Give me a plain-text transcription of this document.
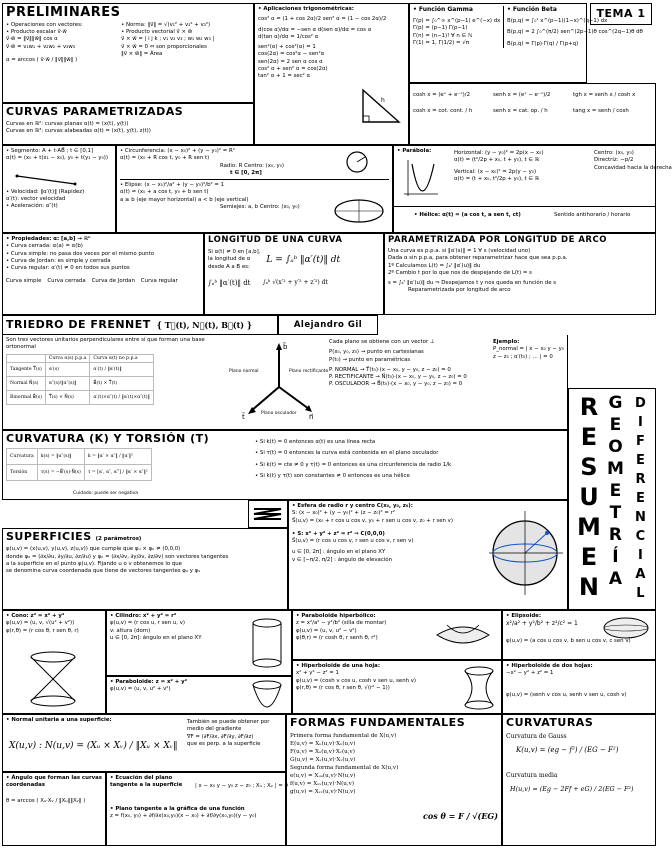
PRELIMINARES
• Operaciones con vectores:
• Producto escalar v⃗·w⃗
v⃗·w⃗ = ‖v⃗‖‖w⃗‖ cos α
v⃗·w⃗ = v₁w₁ + v₂w₂ + v₃w₃
α = arccos ( v⃗·w⃗ / ‖v⃗‖‖w⃗‖ )
• Norma: ‖v⃗‖ = √(v₁² + v₂² + v₃²)
• Producto vectorial v⃗ × w⃗
v⃗ × w⃗ = | i j k ; v₁ v₂ v₃ ; w₁ w₂ w₃ |
v⃗ × w⃗ = 0 ⇔ son proporcionales
‖v⃗ × w⃗‖ = Área
CURVAS PARAMETRIZADAS
Curvas en ℝ²: curvas planas α(t) = (x(t), y(t))
Curvas en ℝ³: curvas alabeadas α(t) = (x(t), y(t), z(t))
• Aplicaciones trigonométricas:
cos² α = (1 + cos 2α)/2 sen² α = (1 − cos 2α)/2
d(cos α)/dα = −sen α d(sen α)/dα = cos α
d(tan α)/dα = 1/cos² α
sen²(α) + cos²(α) = 1
cos(2α) = cos²α − sen²α
sen(2α) = 2 sen α cos α
cos² α + sen² α = cos(2α)
tan² α + 1 = sec² α
h
• Función Gamma
Γ(p) = ∫₀^∞ x^(p−1) e^(−x) dx
Γ(p) = (p−1) Γ(p−1)
Γ(n) = (n−1)! ∀ n ∈ ℕ
Γ(1) = 1, Γ(1/2) = √π
• Función Beta
B(p,q) = ∫₀¹ x^(p−1)(1−x)^(q−1) dx
B(p,q) = 2 ∫₀^(π/2) sen^(2p−1)θ cos^(2q−1)θ dθ
B(p,q) = Γ(p)·Γ(q) / Γ(p+q)
TEMA 1
cosh x = (eˣ + e⁻ˣ)/2	senh x = (eˣ − e⁻ˣ)/2	tgh x = senh x / cosh x
cosh x = cot. cont. / h	senh x = cat. op. / h	tang x = senh / cosh
• Segmento: A + t·AB⃗ ; t ∈ [0,1]
α(t) = (x₀ + t(x₁ − x₀), y₀ + t(y₁ − y₀))
• Velocidad: ‖α′(t)‖ (Rapidez)
α′(t): vector velocidad
• Aceleración: α″(t)
• Circunferencia: (x − x₀)² + (y − y₀)² = R²
α(t) = (x₀ + R cos t, y₀ + R sen t)
Radio: R Centro: (x₀, y₀)
t ∈ [0, 2π]
• Elipse: (x − x₀)²/a² + (y − y₀)²/b² = 1
α(t) = (x₀ + a cos t, y₀ + b sen t)
a ≥ b (eje mayor horizontal) a < b (eje vertical)
Semiejes: a, b Centro: (x₀, y₀)
• Parábola:	Horizontal: (y − y₀)² = 2p(x − x₀)
α(t) = (t²/2p + x₀, t + y₀), t ∈ ℝ
Vertical: (x − x₀)² = 2p(y − y₀)
α(t) = (t + x₀, t²/2p + y₀), t ∈ ℝ
Centro: (x₀, y₀)
Directriz: −p/2
Concavidad hacia la derecha
• Hélice: α(t) = (a cos t, a sen t, ct)	Sentido antihorario / horario
• Propiedades: α: [a,b] → ℝⁿ
• Curva cerrada: α(a) = α(b)
• Curva simple: no pasa dos veces por el mismo punto
• Curva de Jordan: es simple y cerrada
• Curva regular: α′(t) ≠ 0 en todos sus puntos
Curva simple Curva cerrada Curva de Jordan Curva regular
LONGITUD DE UNA CURVA
Si α(t) ≠ 0 en [a,b],
la longitud de α
desde A a B es:
L = ∫ₐᵇ ‖α′(t)‖ dt
∫ₐᵇ ‖α′(t)‖ dt ∫ₐᵇ √(x′² + y′² + z′²) dt
PARAMETRIZADA POR LONGITUD DE ARCO
Una curva es p.p.a. si ‖α′(s)‖ = 1 ∀ s (velocidad uno)
Dada α sin p.p.a, para obtener reparametrizar hace que sea p.p.a.
1º Calculamos L(t) = ∫ₐᵗ ‖α′(u)‖ du
2º Cambio t por lo que nos de despejando de L(t) = s
s = ∫ₐᵗ ‖α′(u)‖ du ⇒ Despejamos t y nos queda en función de s
Reparametrizada por longitud de arco
TRIEDRO DE FRENNET { T⃗(t), N⃗(t), B⃗(t) }	Alejandro Gil
Son tres vectores unitarios perpendiculares entre sí que forman una base ortonormal
	Curva α(s) p.p.a	Curva α(t) no p.p.a
Tangente T⃗(s)	α′(s)	α′(t) / ‖α′(t)‖
Normal N⃗(s)	α″(s)/‖α″(s)‖	B⃗(t) × T⃗(t)
Binormal B⃗(s)	T⃗(s) × N⃗(s)	α′(t)×α″(t) / ‖α′(t)×α″(t)‖
b⃗
t⃗	n⃗
Plano normal	Plano rectificante
Plano osculador
Cada plano se obtiene con un vector ⊥
P(x₀, y₀, z₀) → punto en cartesianas
P(t₀) → punto en paramétricas
P. NORMAL → T⃗(t₀)·(x − x₀, y − y₀, z − z₀) = 0
P. RECTIFICANTE → N⃗(t₀)·(x − x₀, y − y₀, z − z₀) = 0
P. OSCULADOR → B⃗(t₀)·(x − x₀, y − y₀, z − z₀) = 0
Ejemplo:
P_normal = | x − x₀ y − y₀ z − z₀ ; α′(t₀) ; … | = 0
R
E
S
U
M
E
N
G
E
O
M
E
T
R
Í
A
D
I
F
E
R
E
N
C
I
A
L
CURVATURA (K) Y TORSIÓN (T)
Curvatura	k(s) = ‖α″(s)‖	k = ‖α′ × α″‖ / ‖α′‖³
Torsión	τ(s) = −B⃗′(s)·N⃗(s)	τ = [α′, α″, α‴] / ‖α′ × α″‖²
Cuidado: puede ser negativa
• Si k(t) = 0 entonces α(t) es una línea recta
• Si τ(t) = 0 entonces la curva está contenida en el plano osculador
• Si k(t) = cte ≠ 0 y τ(t) = 0 entonces es una circunferencia de radio 1/k
• Si k(t) y τ(t) son constantes ≠ 0 entonces es una hélice
SUPERFICIES (2 parámetros)
φ(u,v) = (x(u,v), y(u,v), z(u,v)) que cumple que φᵤ × φᵥ ≠ (0,0,0)
donde φᵤ = (∂x/∂u, ∂y/∂u, ∂z/∂u) y φᵥ = (∂x/∂v, ∂y/∂v, ∂z/∂v) son vectores tangentes
a la superficie en el punto φ(u,v). Fijando u o v obtenemos lo que
se denomina curva coordenada que tiene de vectores tangentes φᵤ y φᵥ
• Esfera de radio r y centro C(x₀, y₀, z₀):
S: (x − x₀)² + (y − y₀)² + (z − z₀)² = r²
S⃗(u,v) = (x₀ + r cos u cos v, y₀ + r sen u cos v, z₀ + r sen v)
• S: x² + y² + z² = r² ⇒ C(0,0,0)
S⃗(u,v) = (r cos u cos v, r sen u cos v, r sen v)
u ∈ [0, 2π] : ángulo en el plano XY
v ∈ [−π/2, π/2] : ángulo de elevación
• Cono: z² = x² + y²
φ(u,v) = (u, v, √(u² + v²))
φ(r,θ) = (r cos θ, r sen θ, r)
• Cilindro: x² + y² = r²
φ(u,v) = (r cos u, r sen u, v)
v: altura (dom)
u ∈ [0, 2π]: ángulo en el plano XY
• Paraboloide: z = x² + y²
φ(u,v) = (u, v, u² + v²)
• Paraboloide hiperbólico:
z = x²/a² − y²/b² (silla de montar)
φ(u,v) = (u, v, u² − v²)
φ(θ,r) = (r cosh θ, r senh θ, r²)
• Hiperboloide de una hoja:
x² + y² − z² = 1
φ(u,v) = (cosh v cos u, cosh v sen u, senh v)
φ(r,θ) = (r cos θ, r sen θ, √(r² − 1))
• Elipsoide:
x²/a² + y²/b² + z²/c² = 1
φ(u,v) = (a cos u cos v, b sen u cos v, c sen v)
• Hiperboloide de dos hojas:
−x² − y² + z² = 1
φ(u,v) = (senh v cos u, senh v sen u, cosh v)
• Normal unitaria a una superficie:
X(u,v) : N(u,v) = (Xᵤ × Xᵥ) / ‖Xᵤ × Xᵥ‖
También se puede obtener por medio del gradiente
∇F = (∂F/∂x, ∂F/∂y, ∂F/∂z)
que es perp. a la superficie
• Ángulo que forman las curvas coordenadas
θ = arccos ( Xᵤ·Xᵥ / ‖Xᵤ‖‖Xᵥ‖ )
• Ecuación del plano tangente a la superficie	| x − x₀ y − y₀ z − z₀ ; Xᵤ ; Xᵥ | = 0
• Plano tangente a la gráfica de una función
z = f(x₀, y₀) + ∂f/∂x(x₀,y₀)(x − x₀) + ∂f/∂y(x₀,y₀)(y − y₀)
FORMAS FUNDAMENTALES
Primera forma fundamental de X(u,v)
E(u,v) = Xᵤ(u,v)·Xᵤ(u,v)
F(u,v) = Xᵤ(u,v)·Xᵥ(u,v)
G(u,v) = Xᵥ(u,v)·Xᵥ(u,v)
Segunda forma fundamental de X(u,v)
e(u,v) = Xᵤᵤ(u,v)·N(u,v)
f(u,v) = Xᵤᵥ(u,v)·N(u,v)
g(u,v) = Xᵥᵥ(u,v)·N(u,v)
cos θ = F / √(EG)
CURVATURAS
Curvatura de Gauss
K(u,v) = (eg − f²) / (EG − F²)
Curvatura media
H(u,v) = (Eg − 2Ff + eG) / 2(EG − F²)
